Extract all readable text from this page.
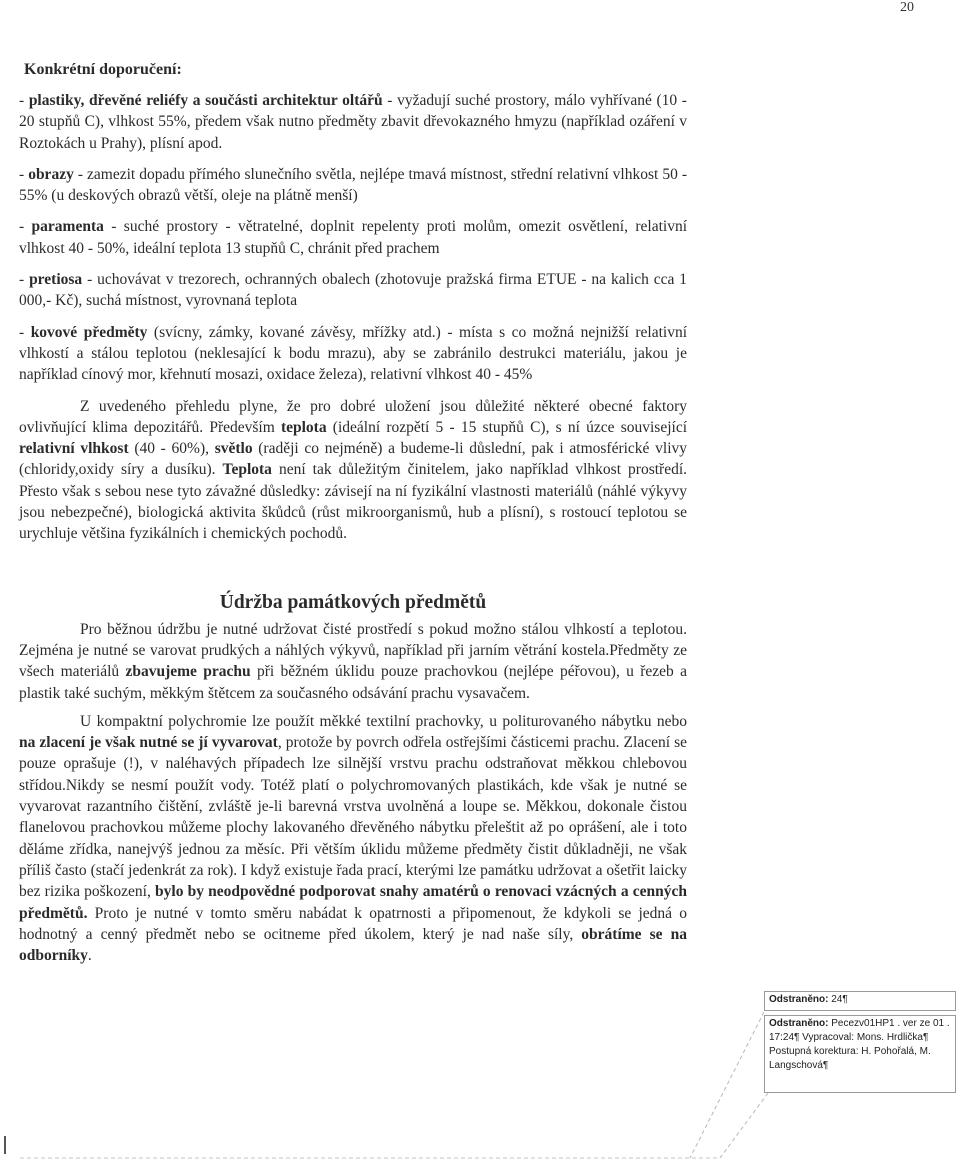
20
Konkrétní doporučení:

- plastiky, dřevěné reliéfy a součásti architektur oltářů - vyžadují suché prostory, málo vyhřívané (10 - 20 stupňů C), vlhkost 55%, předem však nutno předměty zbavit dřevokazného hmyzu (například ozáření v Roztokách u Prahy), plísní apod.

- obrazy - zamezit dopadu přímého slunečního světla, nejlépe tmavá místnost, střední relativní vlhkost 50 - 55% (u deskových obrazů větší, oleje na plátně menší)

- paramenta - suché prostory - větratelné, doplnit repelenty proti molům, omezit osvětlení, relativní vlhkost 40 - 50%, ideální teplota 13 stupňů C, chránit před prachem

- pretiosa - uchovávat v trezorech, ochranných obalech (zhotovuje pražská firma ETUE - na kalich cca 1 000,- Kč), suchá místnost, vyrovnaná teplota

- kovové předměty (svícny, zámky, kované závěsy, mřížky atd.) - místa s co možná nejnižší relativní vlhkostí a stálou teplotou (neklesající k bodu mrazu), aby se zabránilo destrukci materiálu, jakou je například cínový mor, křehnutí mosazi, oxidace železa), relativní vlhkost 40 - 45%

Z uvedeného přehledu plyne, že pro dobré uložení jsou důležité některé obecné faktory ovlivňující klima depozitářů. Především teplota (ideální rozpětí 5 - 15 stupňů C), s ní úzce související relativní vlhkost (40 - 60%), světlo (raději co nejméně) a budeme-li důslední, pak i atmosférické vlivy (chloridy,oxidy síry a dusíku). Teplota není tak důležitým činitelem, jako například vlhkost prostředí. Přesto však s sebou nese tyto závažné důsledky: závisejí na ní fyzikální vlastnosti materiálů (náhlé výkyvy jsou nebezpečné), biologická aktivita škůdců (růst mikroorganismů, hub a plísní), s rostoucí teplotou se urychluje většina fyzikálních i chemických pochodů.

Údržba památkových předmětů

Pro běžnou údržbu je nutné udržovat čisté prostředí s pokud možno stálou vlhkostí a teplotou. Zejména je nutné se varovat prudkých a náhlých výkyvů, například při jarním větrání kostela.Předměty ze všech materiálů zbavujeme prachu při běžném úklidu pouze prachovkou (nejlépe péřovou), u řezeb a plastik také suchým, měkkým štětcem za současného odsávání prachu vysavačem.

U kompaktní polychromie lze použít měkké textilní prachovky, u politurovaného nábytku nebo na zlacení je však nutné se jí vyvarovat, protože by povrch odřela ostřejšími částicemi prachu. Zlacení se pouze oprašuje (!), v naléhavých případech lze silnější vrstvu prachu odstraňovat měkkou chlebovou střídou.Nikdy se nesmí použít vody. Totéž platí o polychromovaných plastikách, kde však je nutné se vyvarovat razantního čištění, zvláště je-li barevná vrstva uvolněná a loupe se. Měkkou, dokonale čistou flanelovou prachovkou můžeme plochy lakovaného dřevěného nábytku přeleštit až po oprášení, ale i toto děláme zřídka, nanejvýš jednou za měsíc. Při větším úklidu můžeme předměty čistit důkladněji, ne však příliš často (stačí jedenkrát za rok). I když existuje řada prací, kterými lze památku udržovat a ošetřit laicky bez rizika poškození, bylo by neodpovědné podporovat snahy amatérů o renovaci vzácných a cenných předmětů. Proto je nutné v tomto směru nabádat k opatrnosti a připomenout, že kdykoli se jedná o hodnotný a cenný předmět nebo se ocitneme před úkolem, který je nad naše síly, obrátíme se na odborníky.

Odstraněno: 24¶
Odstraněno: Pecezv01HP1 . ver ze 01 . 17:24¶ Vypracoval: Mons. Hrdlička¶ Postupná korektura: H. Pohořalá, M. Langschová¶
